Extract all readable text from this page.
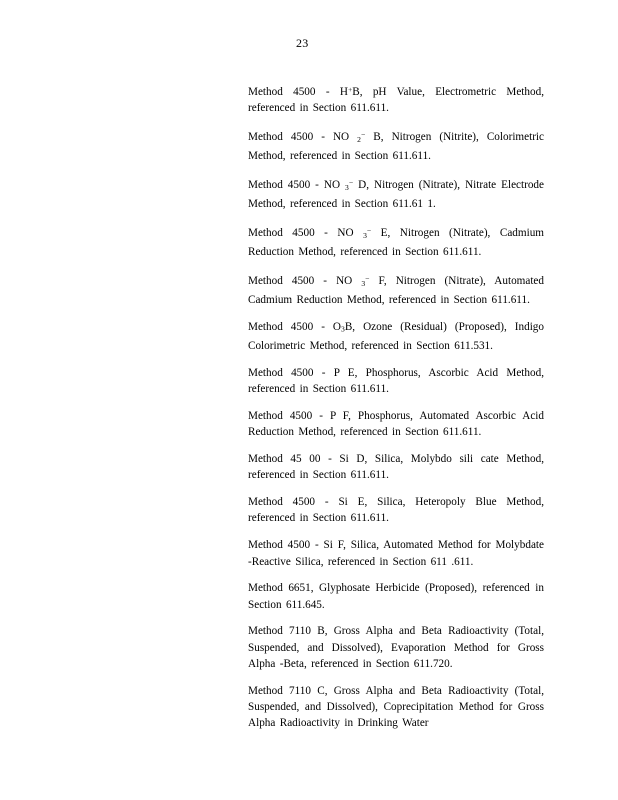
23

Method 4500 - H+B, pH Value, Electrometric Method, referenced in Section 611.611.

Method 4500 - NO $_2$− B, Nitrogen (Nitrite), Colorimetric Method, referenced in Section 611.611.

Method 4500 - NO $_3$− D, Nitrogen (Nitrate), Nitrate Electrode Method, referenced in Section 611.61 1.

Method 4500 - NO $_3$− E, Nitrogen (Nitrate), Cadmium Reduction Method, referenced in Section 611.611.

Method 4500 - NO $_3$− F, Nitrogen (Nitrate), Automated Cadmium Reduction Method, referenced in Section 611.611.

Method $4500 - O_3B$, Ozone (Residual) (Proposed), Indigo Colorimetric Method, referenced in Section 611.531.

Method 4500 - P E, Phosphorus, Ascorbic Acid Method, referenced in Section 611.611.

Method 4500 - P F, Phosphorus, Automated Ascorbic Acid Reduction Method, referenced in Section 611.611.

Method 45 00 - Si D, Silica, Molybdo sili cate Method, referenced in Section 611.611.

Method 4500 - Si E, Silica, Heteropoly Blue Method, referenced in Section 611.611.

Method 4500 - Si F, Silica, Automated Method for Molybdate -Reactive Silica, referenced in Section 611 .611.

Method 6651, Glyphosate Herbicide (Proposed), referenced in Section 611.645.

Method 7110 B, Gross Alpha and Beta Radioactivity (Total, Suspended, and Dissolved), Evaporation Method for Gross Alpha -Beta, referenced in Section 611.720.

Method 7110 C, Gross Alpha and Beta Radioactivity (Total, Suspended, and Dissolved), Coprecipitation Method for Gross Alpha Radioactivity in Drinking Water
